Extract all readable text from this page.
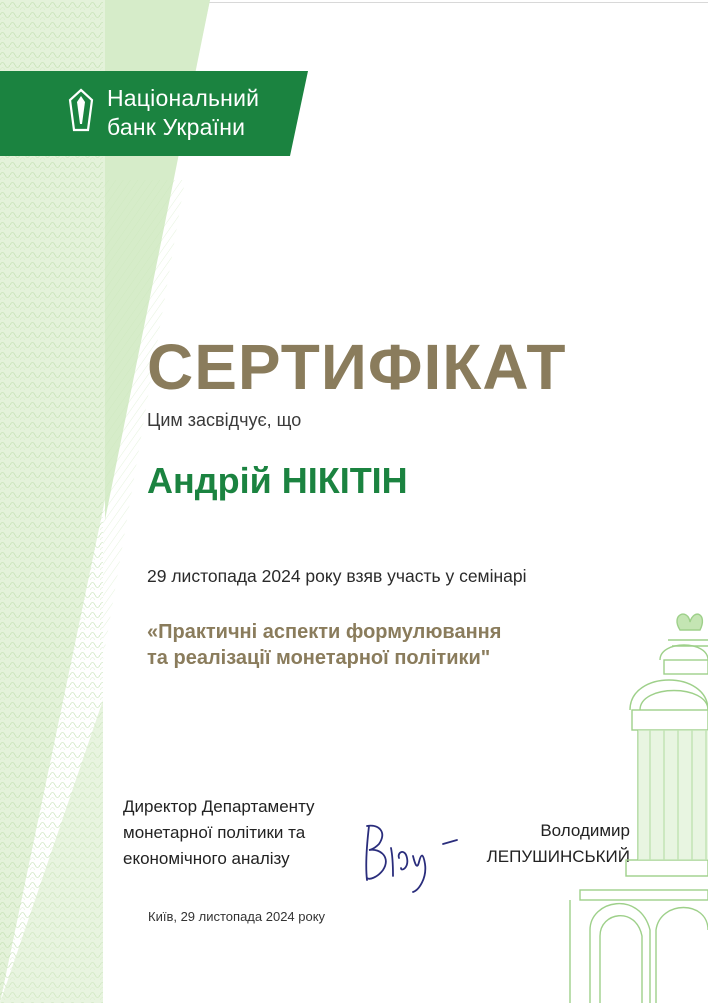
Національний
банк України
СЕРТИФІКАТ
Цим засвідчує, що
Андрій НІКІТІН
29 листопада 2024 року взяв участь у семінарі
«Практичні аспекти формулювання
та реалізації монетарної політики"
Директор Департаменту
монетарної політики та
економічного аналізу
Володимир
ЛЕПУШИНСЬКИЙ
Київ, 29 листопада 2024 року
